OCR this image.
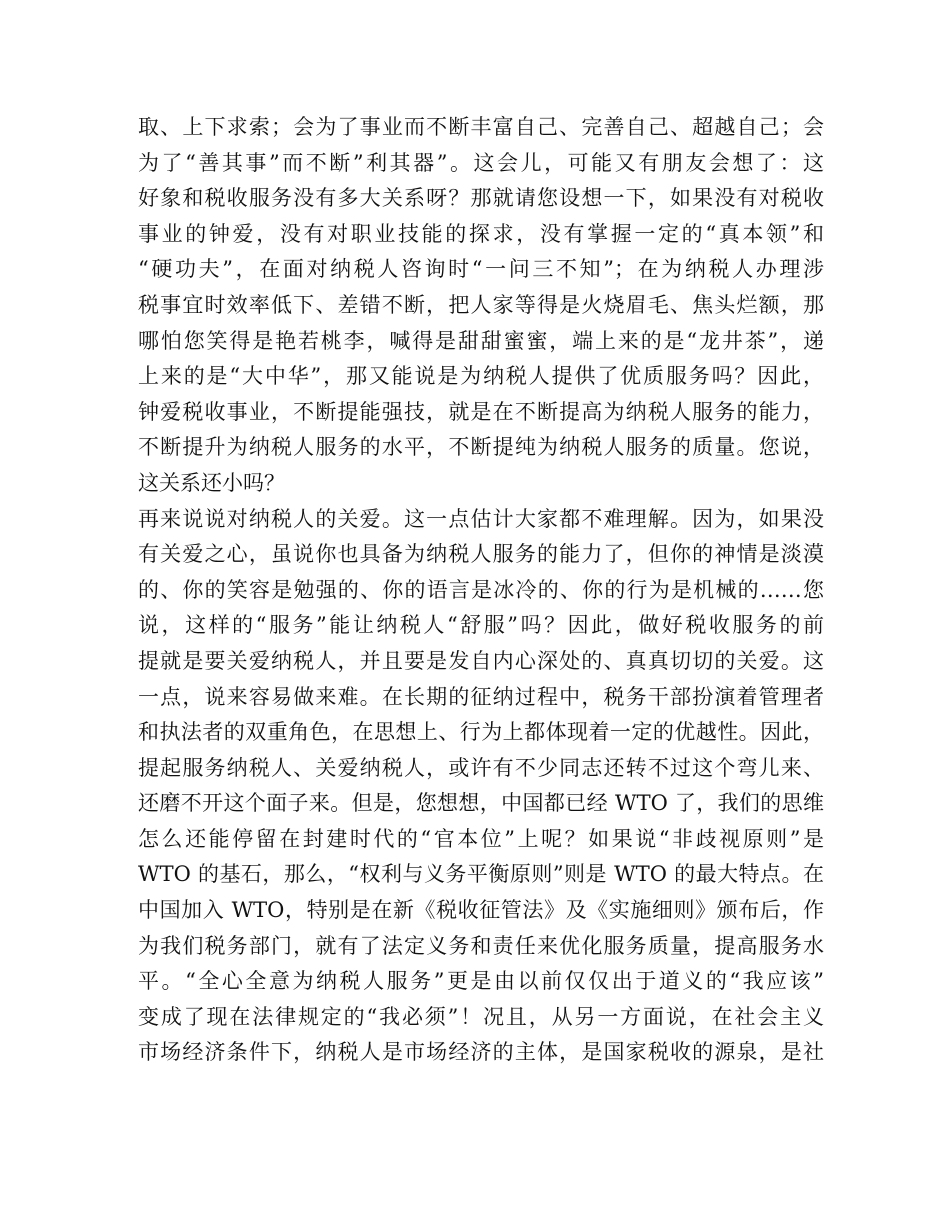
取、上下求索；会为了事业而不断丰富自己、完善自己、超越自己；会
为了“善其事”而不断”利其器”。这会儿，可能又有朋友会想了：这
好象和税收服务没有多大关系呀？那就请您设想一下，如果没有对税收
事业的钟爱，没有对职业技能的探求，没有掌握一定的“真本领”和
“硬功夫”，在面对纳税人咨询时“一问三不知”；在为纳税人办理涉
税事宜时效率低下、差错不断，把人家等得是火烧眉毛、焦头烂额，那
哪怕您笑得是艳若桃李，喊得是甜甜蜜蜜，端上来的是“龙井茶”，递
上来的是“大中华”，那又能说是为纳税人提供了优质服务吗？因此，
钟爱税收事业，不断提能强技，就是在不断提高为纳税人服务的能力，
不断提升为纳税人服务的水平，不断提纯为纳税人服务的质量。您说，
这关系还小吗？
再来说说对纳税人的关爱。这一点估计大家都不难理解。因为，如果没
有关爱之心，虽说你也具备为纳税人服务的能力了，但你的神情是淡漠
的、你的笑容是勉强的、你的语言是冰冷的、你的行为是机械的……您
说，这样的“服务”能让纳税人“舒服”吗？因此，做好税收服务的前
提就是要关爱纳税人，并且要是发自内心深处的、真真切切的关爱。这
一点，说来容易做来难。在长期的征纳过程中，税务干部扮演着管理者
和执法者的双重角色，在思想上、行为上都体现着一定的优越性。因此，
提起服务纳税人、关爱纳税人，或许有不少同志还转不过这个弯儿来、
还磨不开这个面子来。但是，您想想，中国都已经 WTO 了，我们的思维
怎么还能停留在封建时代的“官本位”上呢？如果说“非歧视原则”是
WTO 的基石，那么，“权利与义务平衡原则”则是 WTO 的最大特点。在
中国加入 WTO，特别是在新《税收征管法》及《实施细则》颁布后，作
为我们税务部门，就有了法定义务和责任来优化服务质量，提高服务水
平。“全心全意为纳税人服务”更是由以前仅仅出于道义的“我应该”
变成了现在法律规定的“我必须”！况且，从另一方面说，在社会主义
市场经济条件下，纳税人是市场经济的主体，是国家税收的源泉，是社
